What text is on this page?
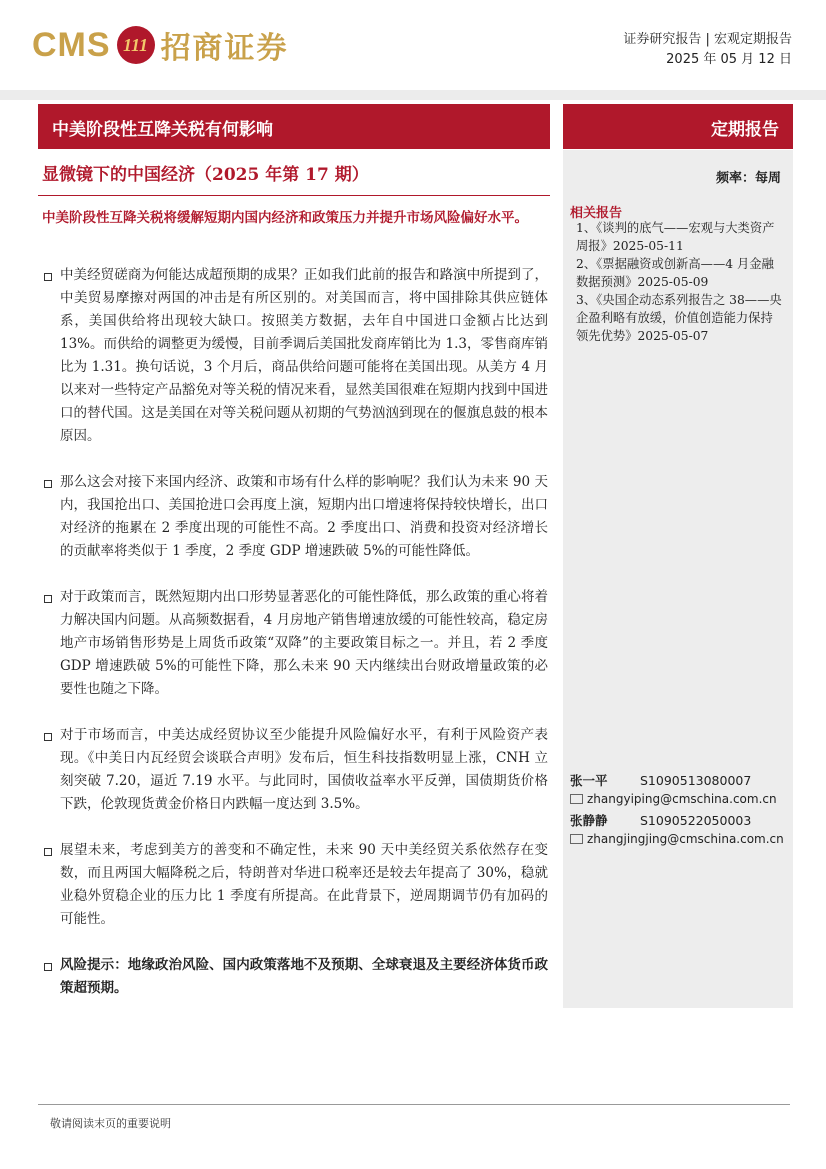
CMS 111 招商证券	证券研究报告 | 宏观定期报告
2025 年 05 月 12 日
中美阶段性互降关税有何影响	定期报告
显微镜下的中国经济（2025 年第 17 期）	频率：每周
相关报告
1、《谈判的底气——宏观与大类资产周报》2025-05-11
2、《票据融资或创新高——4 月金融数据预测》2025-05-09
3、《央国企动态系列报告之 38——央企盈利略有放缓，价值创造能力保持领先优势》2025-05-07
中美阶段性互降关税将缓解短期内国内经济和政策压力并提升市场风险偏好水平。
中美经贸磋商为何能达成超预期的成果？正如我们此前的报告和路演中所提到了，中美贸易摩擦对两国的冲击是有所区别的。对美国而言，将中国排除其供应链体系，美国供给将出现较大缺口。按照美方数据，去年自中国进口金额占比达到 13%。而供给的调整更为缓慢，目前季调后美国批发商库销比为 1.3，零售商库销比为 1.31。换句话说，3 个月后，商品供给问题可能将在美国出现。从美方 4 月以来对一些特定产品豁免对等关税的情况来看，显然美国很难在短期内找到中国进口的替代国。这是美国在对等关税问题从初期的气势汹汹到现在的偃旗息鼓的根本原因。
那么这会对接下来国内经济、政策和市场有什么样的影响呢？我们认为未来 90 天内，我国抢出口、美国抢进口会再度上演，短期内出口增速将保持较快增长，出口对经济的拖累在 2 季度出现的可能性不高。2 季度出口、消费和投资对经济增长的贡献率将类似于 1 季度，2 季度 GDP 增速跌破 5%的可能性降低。
对于政策而言，既然短期内出口形势显著恶化的可能性降低，那么政策的重心将着力解决国内问题。从高频数据看，4 月房地产销售增速放缓的可能性较高，稳定房地产市场销售形势是上周货币政策“双降”的主要政策目标之一。并且，若 2 季度 GDP 增速跌破 5%的可能性下降，那么未来 90 天内继续出台财政增量政策的必要性也随之下降。
对于市场而言，中美达成经贸协议至少能提升风险偏好水平，有利于风险资产表现。《中美日内瓦经贸会谈联合声明》发布后，恒生科技指数明显上涨，CNH 立刻突破 7.20，逼近 7.19 水平。与此同时，国债收益率水平反弹，国债期货价格下跌，伦敦现货黄金价格日内跌幅一度达到 3.5%。
展望未来，考虑到美方的善变和不确定性，未来 90 天中美经贸关系依然存在变数，而且两国大幅降税之后，特朗普对华进口税率还是较去年提高了 30%，稳就业稳外贸稳企业的压力比 1 季度有所提高。在此背景下，逆周期调节仍有加码的可能性。
风险提示：地缘政治风险、国内政策落地不及预期、全球衰退及主要经济体货币政策超预期。
张一平	S1090513080007
zhangyiping@cmschina.com.cn
张静静	S1090522050003
zhangjingjing@cmschina.com.cn
敬请阅读末页的重要说明
